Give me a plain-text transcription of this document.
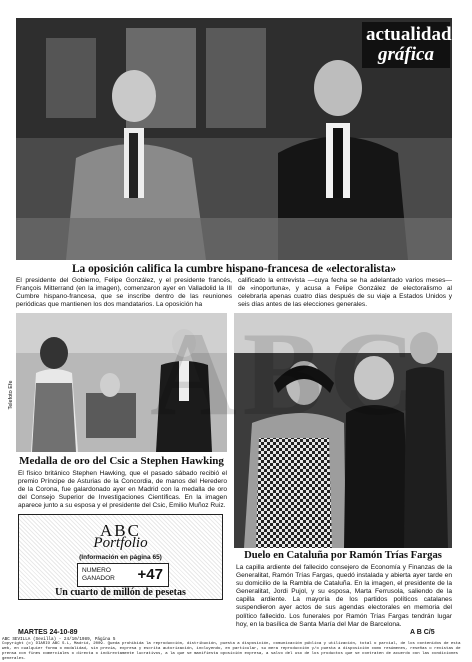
actualidad
gráfica
La oposición califica la cumbre hispano-francesa de «electoralista»
El presidente del Gobierno, Felipe González, y el presidente francés, François Mitterrand (en la imagen), comenzaron ayer en Valladolid la III Cumbre hispano-francesa, que se inscribe dentro de las reuniones periódicas que mantienen los dos mandatarios. La oposición ha
calificado la entrevista —cuya fecha se ha adelantado varios meses— de «inoportuna», y acusa a Felipe González de electoralismo al celebrarla apenas cuatro días después de su viaje a Estados Unidos y seis días antes de las elecciones generales.
Telefoto Efe
Medalla de oro del Csic a Stephen Hawking
El físico británico Stephen Hawking, que el pasado sábado recibió el premio Príncipe de Asturias de la Concordia, de manos del Heredero de la Corona, fue galardonado ayer en Madrid con la medalla de oro del Consejo Superior de Investigaciones Científicas. En la imagen aparece junto a su esposa y el presidente del Csic, Emilio Muñoz Ruiz.
ABC
Portfolio
(Información en página 65)
NUMERO
GANADOR +47
Un cuarto de millón de pesetas
Duelo en Cataluña por Ramón Trías Fargas
La capilla ardiente del fallecido consejero de Economía y Finanzas de la Generalitat, Ramón Trías Fargas, quedó instalada y abierta ayer tarde en su domicilio de la Rambla de Cataluña. En la imagen, el presidente de la Generalitat, Jordi Pujol, y su esposa, Marta Ferrusola, saliendo de la capilla ardiente. La mayoría de los partidos políticos catalanes suspendieron ayer actos de sus agendas electorales en memoria del político fallecido. Los funerales por Ramón Trías Fargas tendrán lugar hoy, en la basílica de Santa María del Mar de Barcelona.
ABC
MARTES 24-10-89	A B C/5
ABC SEVILLA (Sevilla) - 24/10/1989, Página 5
Copyright (c) DIARIO ABC S.L, Madrid, 2009. Queda prohibida la reproducción, distribución, puesta a disposición, comunicación pública y utilización, total o parcial, de los contenidos de esta web, en cualquier forma o modalidad, sin previa, expresa y escrita autorización, incluyendo, en particular, su mera reproducción y/o puesta a disposición como resúmenes, reseñas o revistas de prensa con fines comerciales o directa o indirectamente lucrativos, a la que se manifiesta oposición expresa, a salvo del uso de los productos que se contraten de acuerdo con las condiciones generales.
